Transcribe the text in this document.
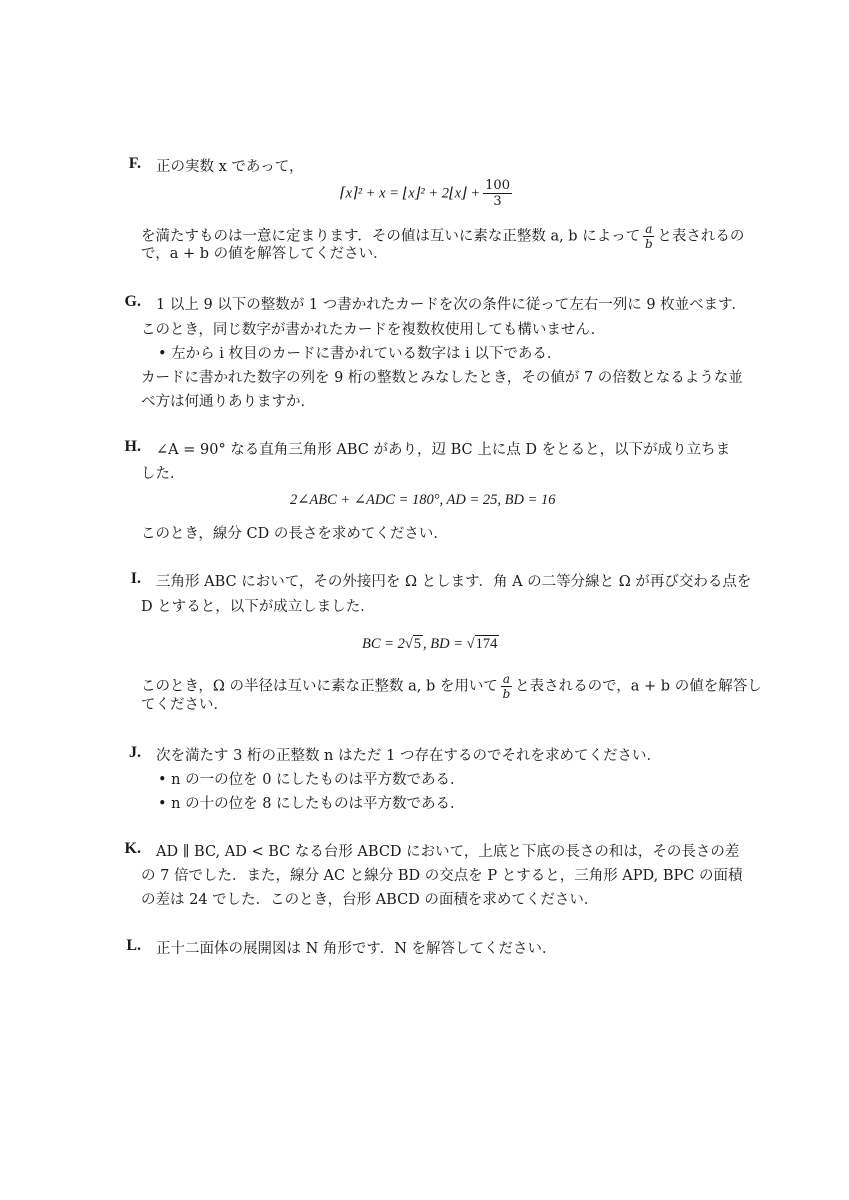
F. 正の実数 x であって，
⌈x⌉² + x = ⌊x⌋² + 2⌊x⌋ + $\frac{100}{3}$
を満たすものは一意に定まります．その値は互いに素な正整数 a, b によって $\frac{a}{b}$ と表されるの
で，a + b の値を解答してください．
G. 1 以上 9 以下の整数が 1 つ書かれたカードを次の条件に従って左右一列に 9 枚並べます．
このとき，同じ数字が書かれたカードを複数枚使用しても構いません．
• 左から i 枚目のカードに書かれている数字は i 以下である．
カードに書かれた数字の列を 9 桁の整数とみなしたとき，その値が 7 の倍数となるような並
べ方は何通りありますか．
H. ∠A = 90° なる直角三角形 ABC があり，辺 BC 上に点 D をとると，以下が成り立ちま
した．
2∠ABC + ∠ADC = 180°, AD = 25, BD = 16
このとき，線分 CD の長さを求めてください．
I. 三角形 ABC において，その外接円を Ω とします．角 A の二等分線と Ω が再び交わる点を
D とすると，以下が成立しました．
BC = 2√5 , BD = √174
このとき，Ω の半径は互いに素な正整数 a, b を用いて $\frac{a}{b}$ と表されるので，a + b の値を解答し
てください．
J. 次を満たす 3 桁の正整数 n はただ 1 つ存在するのでそれを求めてください．
• n の一の位を 0 にしたものは平方数である．
• n の十の位を 8 にしたものは平方数である．
K. AD ∥ BC, AD < BC なる台形 ABCD において，上底と下底の長さの和は，その長さの差
の 7 倍でした．また，線分 AC と線分 BD の交点を P とすると，三角形 APD, BPC の面積
の差は 24 でした．このとき，台形 ABCD の面積を求めてください．
L. 正十二面体の展開図は N 角形です．N を解答してください．
